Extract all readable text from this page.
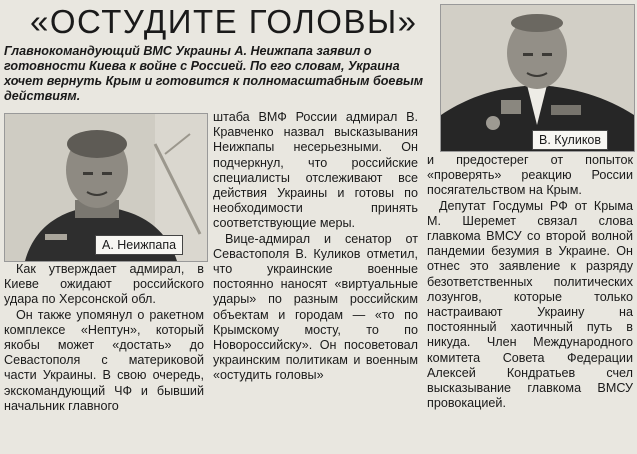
«ОСТУДИТЕ ГОЛОВЫ»

Главнокомандующий ВМС Украины А. Неижпапа заявил о готовности Киева к войне с Россией. По его словам, Украина хочет вернуть Крым и готовится к полномасштабным боевым действиям.

А. Неижпапа
В. Куликов

Как утверждает адмирал, в Киеве ожидают российского удара по Херсонской обл.

Он также упомянул о ракетном комплексе «Нептун», который якобы может «достать» до Севастополя с материковой части Украины. В свою очередь, экскомандующий ЧФ и бывший начальник главного

штаба ВМФ России адмирал В. Кравченко назвал высказывания Неижпапы несерьезными. Он подчеркнул, что российские специалисты отслеживают все действия Украины и готовы по необходимости принять соответствующие меры.

Вице-адмирал и сенатор от Севастополя В. Куликов отметил, что украинские военные постоянно наносят «виртуальные удары» по разным российским объектам и городам — «то по Крымскому мосту, то по Новороссийску». Он посоветовал украинским политикам и военным «остудить головы»

и предостерег от попыток «проверять» реакцию России посягательством на Крым.

Депутат Госдумы РФ от Крыма М. Шеремет связал слова главкома ВМСУ со второй волной пандемии безумия в Украине. Он отнес это заявление к разряду безответственных политических лозунгов, которые только настраивают Украину на постоянный хаотичный путь в никуда. Член Международного комитета Совета Федерации Алексей Кондратьев счел высказывание главкома ВМСУ провокацией.
